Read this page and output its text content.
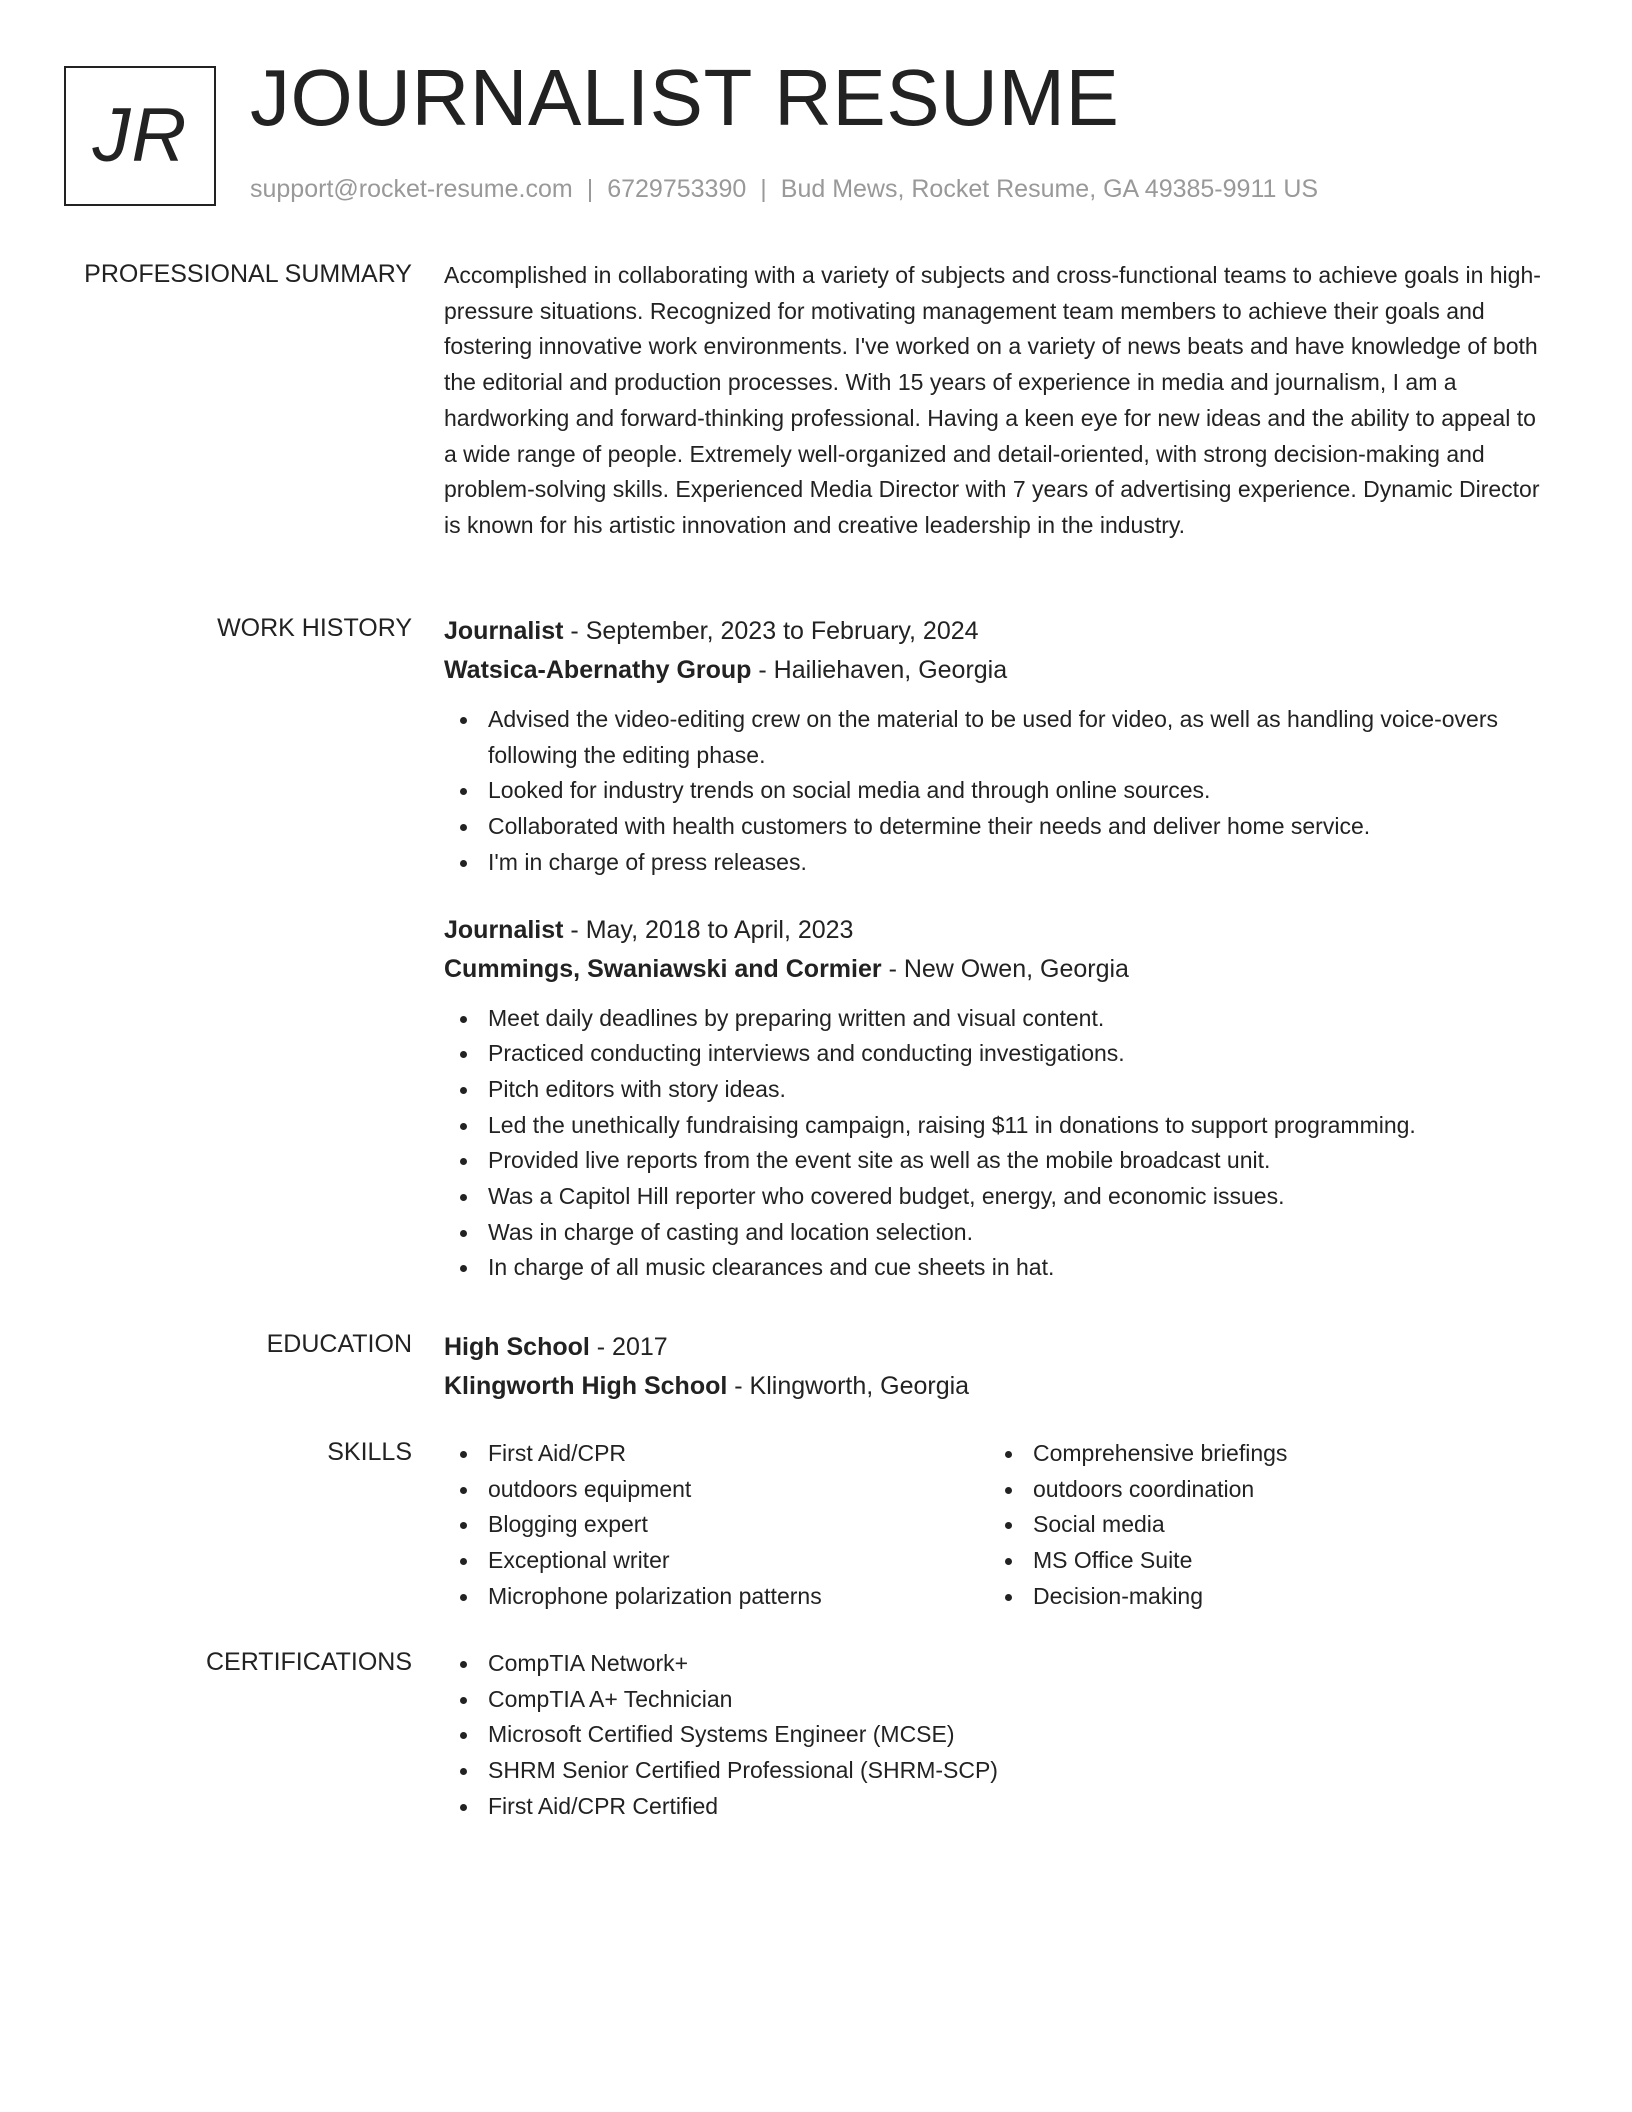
JR JOURNALIST RESUME
support@rocket-resume.com | 6729753390 | Bud Mews, Rocket Resume, GA 49385-9911 US
PROFESSIONAL SUMMARY Accomplished in collaborating with a variety of subjects and cross-functional teams to achieve goals in high-pressure situations. Recognized for motivating management team members to achieve their goals and fostering innovative work environments. I've worked on a variety of news beats and have knowledge of both the editorial and production processes. With 15 years of experience in media and journalism, I am a hardworking and forward-thinking professional. Having a keen eye for new ideas and the ability to appeal to a wide range of people. Extremely well-organized and detail-oriented, with strong decision-making and problem-solving skills. Experienced Media Director with 7 years of advertising experience. Dynamic Director is known for his artistic innovation and creative leadership in the industry.
WORK HISTORY Journalist - September, 2023 to February, 2024
Watsica-Abernathy Group - Hailiehaven, Georgia
Advised the video-editing crew on the material to be used for video, as well as handling voice-overs following the editing phase.
Looked for industry trends on social media and through online sources.
Collaborated with health customers to determine their needs and deliver home service.
I'm in charge of press releases.
Journalist - May, 2018 to April, 2023
Cummings, Swaniawski and Cormier - New Owen, Georgia
Meet daily deadlines by preparing written and visual content.
Practiced conducting interviews and conducting investigations.
Pitch editors with story ideas.
Led the unethically fundraising campaign, raising $11 in donations to support programming.
Provided live reports from the event site as well as the mobile broadcast unit.
Was a Capitol Hill reporter who covered budget, energy, and economic issues.
Was in charge of casting and location selection.
In charge of all music clearances and cue sheets in hat.
EDUCATION High School - 2017
Klingworth High School - Klingworth, Georgia
SKILLS	First Aid/CPR
outdoors equipment
Blogging expert
Exceptional writer
Microphone polarization patterns
Comprehensive briefings
outdoors coordination
Social media
MS Office Suite
Decision-making
CERTIFICATIONS	CompTIA Network+
CompTIA A+ Technician
Microsoft Certified Systems Engineer (MCSE)
SHRM Senior Certified Professional (SHRM-SCP)
First Aid/CPR Certified
